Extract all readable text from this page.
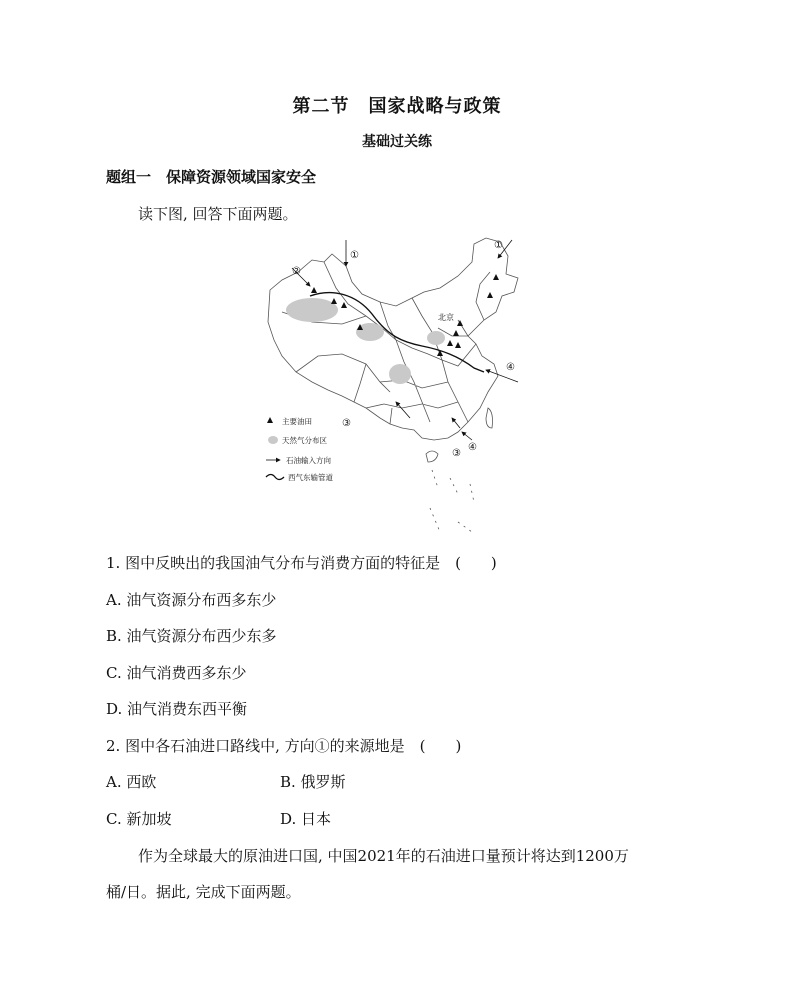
第二节　国家战略与政策
基础过关练
题组一　保障资源领域国家安全
读下图, 回答下面两题。
①
①
②
③
③
④
④
北京
主要油田
天然气分布区
石油输入方向
西气东输管道
1. 图中反映出的我国油气分布与消费方面的特征是　(　　)
A. 油气资源分布西多东少
B. 油气资源分布西少东多
C. 油气消费西多东少
D. 油气消费东西平衡
2. 图中各石油进口路线中, 方向①的来源地是　(　　)
A. 西欧	B. 俄罗斯
C. 新加坡	D. 日本
作为全球最大的原油进口国, 中国2021年的石油进口量预计将达到1200万
桶/日。据此, 完成下面两题。
